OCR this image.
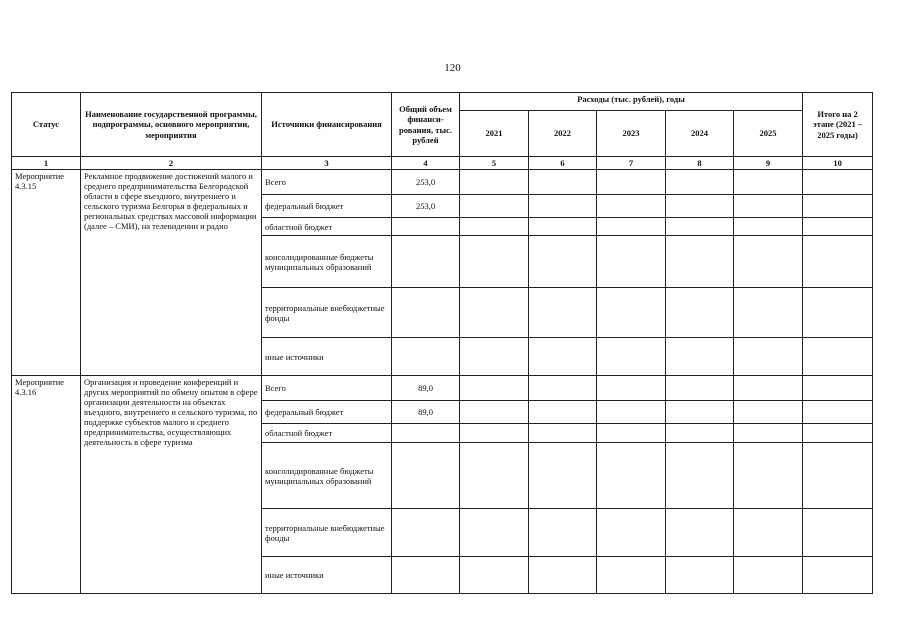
120
Статус	Наименование государственной программы, подпрограммы, основного мероприятии, мероприятия	Источники финансирования	Общий объем финанси-рования, тыс. рублей	Расходы (тыс. рублей), годы					Итого на 2 этапе (2021 – 2025 годы)
				2021	2022	2023	2024	2025	
1	2	3	4	5	6	7	8	9	10
Мероприятие 4.3.15	Рекламное продвижение достижений малого и среднего предпринимательства Белгородской области в сфере въездного, внутреннего и сельского туризма Белгорья в федеральных и региональных средствах массовой информации (далее – СМИ), на телевидении и радио	Всего	253,0						
		федеральный бюджет	253,0						
		областной бюджет							
		консолидированные бюджеты муниципальных образований							
		территориальные внебюджетные фонды							
		иные источники							
Мероприятие 4.3.16	Организация и проведение конференций и других мероприятий по обмену опытом в сфере организации деятельности на объектах въездного, внутреннего и сельского туризма, по поддержке субъектов малого и среднего предпринимательства, осуществляющих деятельность в сфере туризма	Всего	89,0						
		федеральный бюджет	89,0						
		областной бюджет							
		консолидированные бюджеты муниципальных образований							
		территориальные внебюджетные фонды							
		иные источники							
